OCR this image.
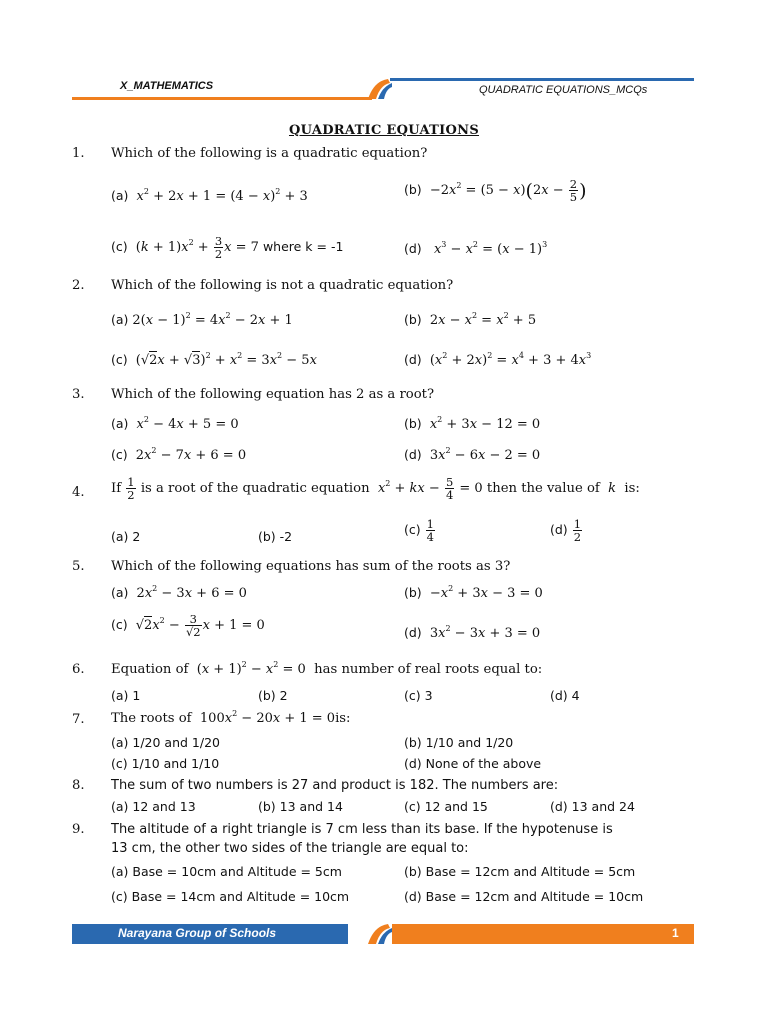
X_MATHEMATICS	QUADRATIC EQUATIONS_MCQs
QUADRATIC EQUATIONS
1. Which of the following is a quadratic equation?
(a) $x^2 + 2x + 1 = (4 - x)^2 + 3$	$(b) -2x^2 = (5 - x)(2x - \frac{2}{5}$ )
(c)  $(k + 1)x^2 + \frac{3}{2}$ x = 7 where k = -1	(d) $x^3 - x^2 = (x - 1)^3$
2. Which of the following is not a quadratic equation?
(a) $2(x - 1)^2 = 4x^2 - 2x + 1$	(b)  $2x - x^2 = x^2 + 5$
(c)  $(√2x + √3)^2 + x^2 = 3x^2 - 5x$	(d)  $(x^2 + 2x)^2 = x^4 + 3 + 4x^3$
3. Which of the following equation has 2 as a root?
(a) $x^2 - 4x + 5 = 0$	(b) $x^2 + 3x - 12 = 0$
(c)  $2x^2 - 7x + 6 = 0$	(d)  $3x^2 - 6x - 2 = 0$
4. If $\frac{1}{2}$ is a root of the quadratic equation $x^2$ + kx − $\frac{5}{4} = 0$ then the value of  k  is:
(a) 2	(b) -2	$(c) \frac{1}{4}$	$(d) \frac{1}{2}$
5. Which of the following equations has sum of the roots as 3?
(a)  $2x^2 - 3x + 6 = 0$	$(b) -x^2 + 3x - 3 = 0$
(c)  $√2x^2 - \frac{3}{√2}$ x + 1 = 0	(d)  $3x^2 - 3x + 3 = 0$
6. Equation of  $(x + 1)^2 - x^2 = 0$  has number of real roots equal to:
(a) 1	(b) 2	(c) 3	(d) 4
7. The roots of  $100x^2 - 20x + 1 = 0is$:
(a) 1/20 and 1/20	(b) 1/10 and 1/20
(c) 1/10 and 1/10	(d) None of the above
8. The sum of two numbers is 27 and product is 182. The numbers are:
(a) 12 and 13	(b) 13 and 14	(c) 12 and 15	(d) 13 and 24
9. The altitude of a right triangle is 7 cm less than its base. If the hypotenuse is
13 cm, the other two sides of the triangle are equal to:
(a) Base = 10cm and Altitude = 5cm	(b) Base = 12cm and Altitude = 5cm
(c) Base = 14cm and Altitude = 10cm	(d) Base = 12cm and Altitude = 10cm
Narayana Group of Schools	1
